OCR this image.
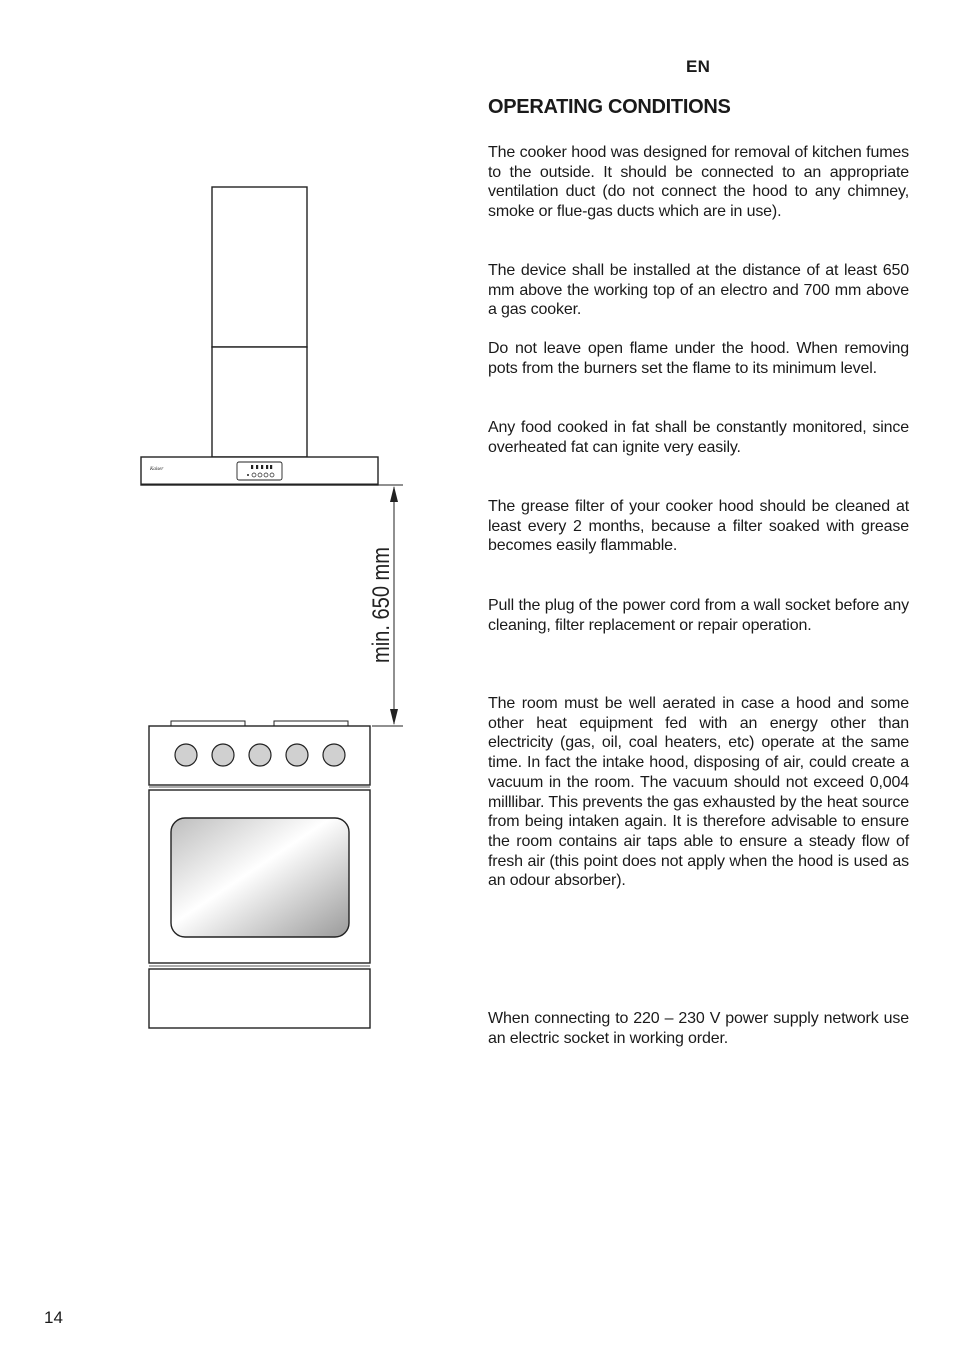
Kaiser
min. 650 mm
EN
OPERATING CONDITIONS

The cooker hood was designed for removal of kitchen fumes to the outside. It should be connected to an appropriate ventilation duct (do not connect the hood to any chimney, smoke or flue-gas ducts which are in use).

The device shall be installed at the distance of at least 650 mm above the working top of an electro and 700 mm above a gas cooker.

Do not leave open flame under the hood. When removing pots from the burners set the flame to its minimum level.

Any food cooked in fat shall be constantly monitored, since overheated fat can ignite very easily.

The grease filter of your cooker hood should be cleaned at least every 2 months, because a filter soaked with grease becomes easily flammable.

Pull the plug of the power cord from a wall socket before any cleaning, filter replacement or repair operation.

The room must be well aerated in case a hood and some other heat equipment fed with an energy other than electricity (gas, oil, coal heaters, etc) operate at the same time. In fact the intake hood, disposing of air, could create a vacuum in the room. The vacuum should not exceed 0,004 milllibar. This prevents the gas exhausted by the heat source from being intaken again. It is therefore advisable to ensure the room contains air taps able to ensure a steady flow of fresh air (this point does not apply when the hood is used as an odour absorber).

When connecting to 220 – 230 V power supply network use an electric socket in working order.

14
